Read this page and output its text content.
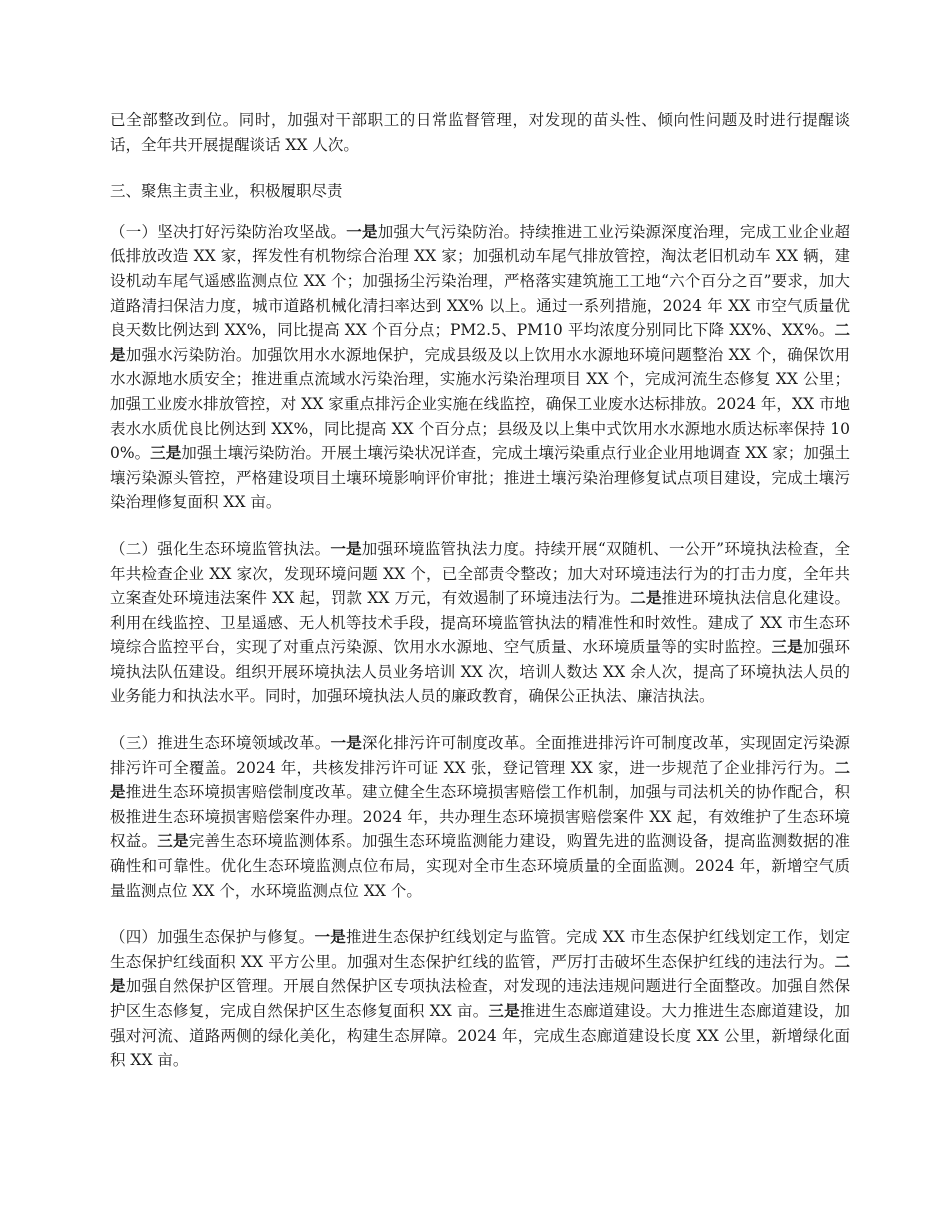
已全部整改到位。同时，加强对干部职工的日常监督管理，对发现的苗头性、倾向性问题及时进行提醒谈话，全年共开展提醒谈话 XX 人次。

三、聚焦主责主业，积极履职尽责

（一）坚决打好污染防治攻坚战。一是加强大气污染防治。持续推进工业污染源深度治理，完成工业企业超低排放改造 XX 家，挥发性有机物综合治理 XX 家；加强机动车尾气排放管控，淘汰老旧机动车 XX 辆，建设机动车尾气遥感监测点位 XX 个；加强扬尘污染治理，严格落实建筑施工工地“六个百分之百”要求，加大道路清扫保洁力度，城市道路机械化清扫率达到 XX% 以上。通过一系列措施，2024 年 XX 市空气质量优良天数比例达到 XX%，同比提高 XX 个百分点；PM2.5、PM10 平均浓度分别同比下降 XX%、XX%。二是加强水污染防治。加强饮用水水源地保护，完成县级及以上饮用水水源地环境问题整治 XX 个，确保饮用水水源地水质安全；推进重点流域水污染治理，实施水污染治理项目 XX 个，完成河流生态修复 XX 公里；加强工业废水排放管控，对 XX 家重点排污企业实施在线监控，确保工业废水达标排放。2024 年，XX 市地表水水质优良比例达到 XX%，同比提高 XX 个百分点；县级及以上集中式饮用水水源地水质达标率保持 100%。三是加强土壤污染防治。开展土壤污染状况详查，完成土壤污染重点行业企业用地调查 XX 家；加强土壤污染源头管控，严格建设项目土壤环境影响评价审批；推进土壤污染治理修复试点项目建设，完成土壤污染治理修复面积 XX 亩。

（二）强化生态环境监管执法。一是加强环境监管执法力度。持续开展“双随机、一公开”环境执法检查，全年共检查企业 XX 家次，发现环境问题 XX 个，已全部责令整改；加大对环境违法行为的打击力度，全年共立案查处环境违法案件 XX 起，罚款 XX 万元，有效遏制了环境违法行为。二是推进环境执法信息化建设。利用在线监控、卫星遥感、无人机等技术手段，提高环境监管执法的精准性和时效性。建成了 XX 市生态环境综合监控平台，实现了对重点污染源、饮用水水源地、空气质量、水环境质量等的实时监控。三是加强环境执法队伍建设。组织开展环境执法人员业务培训 XX 次，培训人数达 XX 余人次，提高了环境执法人员的业务能力和执法水平。同时，加强环境执法人员的廉政教育，确保公正执法、廉洁执法。

（三）推进生态环境领域改革。一是深化排污许可制度改革。全面推进排污许可制度改革，实现固定污染源排污许可全覆盖。2024 年，共核发排污许可证 XX 张，登记管理 XX 家，进一步规范了企业排污行为。二是推进生态环境损害赔偿制度改革。建立健全生态环境损害赔偿工作机制，加强与司法机关的协作配合，积极推进生态环境损害赔偿案件办理。2024 年，共办理生态环境损害赔偿案件 XX 起，有效维护了生态环境权益。三是完善生态环境监测体系。加强生态环境监测能力建设，购置先进的监测设备，提高监测数据的准确性和可靠性。优化生态环境监测点位布局，实现对全市生态环境质量的全面监测。2024 年，新增空气质量监测点位 XX 个，水环境监测点位 XX 个。

（四）加强生态保护与修复。一是推进生态保护红线划定与监管。完成 XX 市生态保护红线划定工作，划定生态保护红线面积 XX 平方公里。加强对生态保护红线的监管，严厉打击破坏生态保护红线的违法行为。二是加强自然保护区管理。开展自然保护区专项执法检查，对发现的违法违规问题进行全面整改。加强自然保护区生态修复，完成自然保护区生态修复面积 XX 亩。三是推进生态廊道建设。大力推进生态廊道建设，加强对河流、道路两侧的绿化美化，构建生态屏障。2024 年，完成生态廊道建设长度 XX 公里，新增绿化面积 XX 亩。
